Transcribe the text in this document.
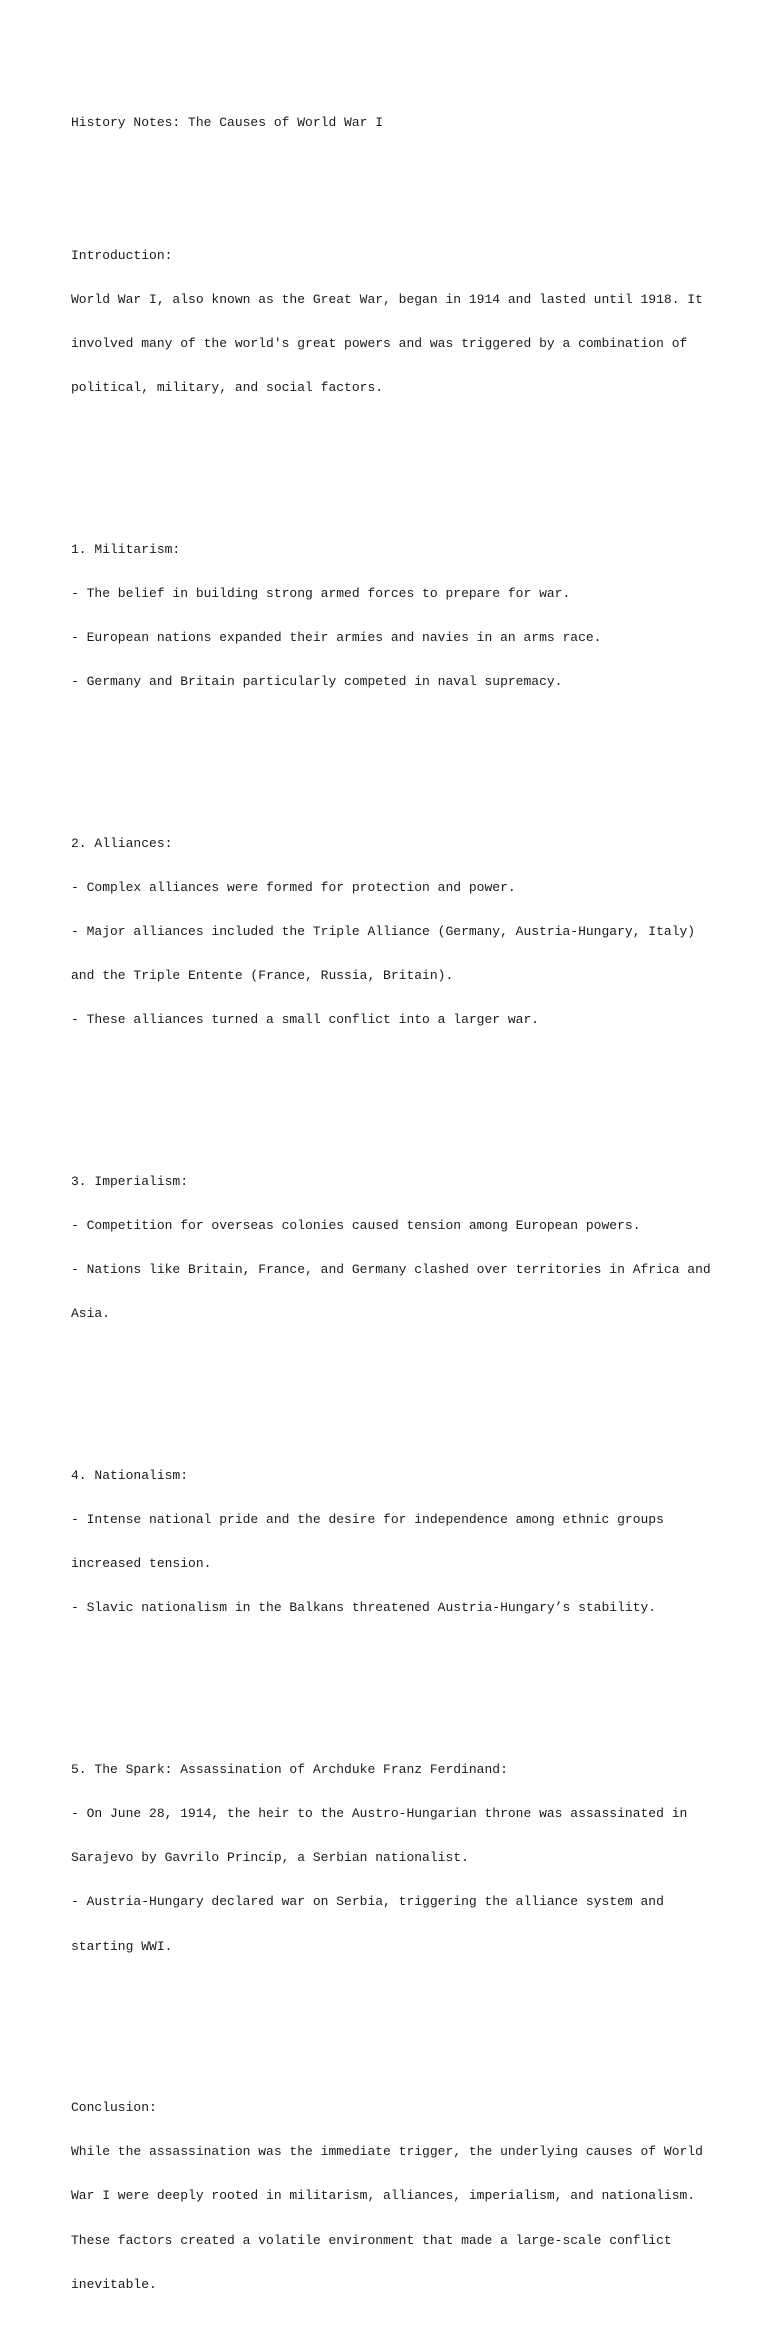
History Notes: The Causes of World War I

Introduction:

World War I, also known as the Great War, began in 1914 and lasted until 1918. It

involved many of the world's great powers and was triggered by a combination of

political, military, and social factors.

1. Militarism:

- The belief in building strong armed forces to prepare for war.

- European nations expanded their armies and navies in an arms race.

- Germany and Britain particularly competed in naval supremacy.

2. Alliances:

- Complex alliances were formed for protection and power.

- Major alliances included the Triple Alliance (Germany, Austria-Hungary, Italy)

and the Triple Entente (France, Russia, Britain).

- These alliances turned a small conflict into a larger war.

3. Imperialism:

- Competition for overseas colonies caused tension among European powers.

- Nations like Britain, France, and Germany clashed over territories in Africa and

Asia.

4. Nationalism:

- Intense national pride and the desire for independence among ethnic groups

increased tension.

- Slavic nationalism in the Balkans threatened Austria-Hungary’s stability.

5. The Spark: Assassination of Archduke Franz Ferdinand:

- On June 28, 1914, the heir to the Austro-Hungarian throne was assassinated in

Sarajevo by Gavrilo Princip, a Serbian nationalist.

- Austria-Hungary declared war on Serbia, triggering the alliance system and

starting WWI.

Conclusion:

While the assassination was the immediate trigger, the underlying causes of World

War I were deeply rooted in militarism, alliances, imperialism, and nationalism.

These factors created a volatile environment that made a large-scale conflict

inevitable.
